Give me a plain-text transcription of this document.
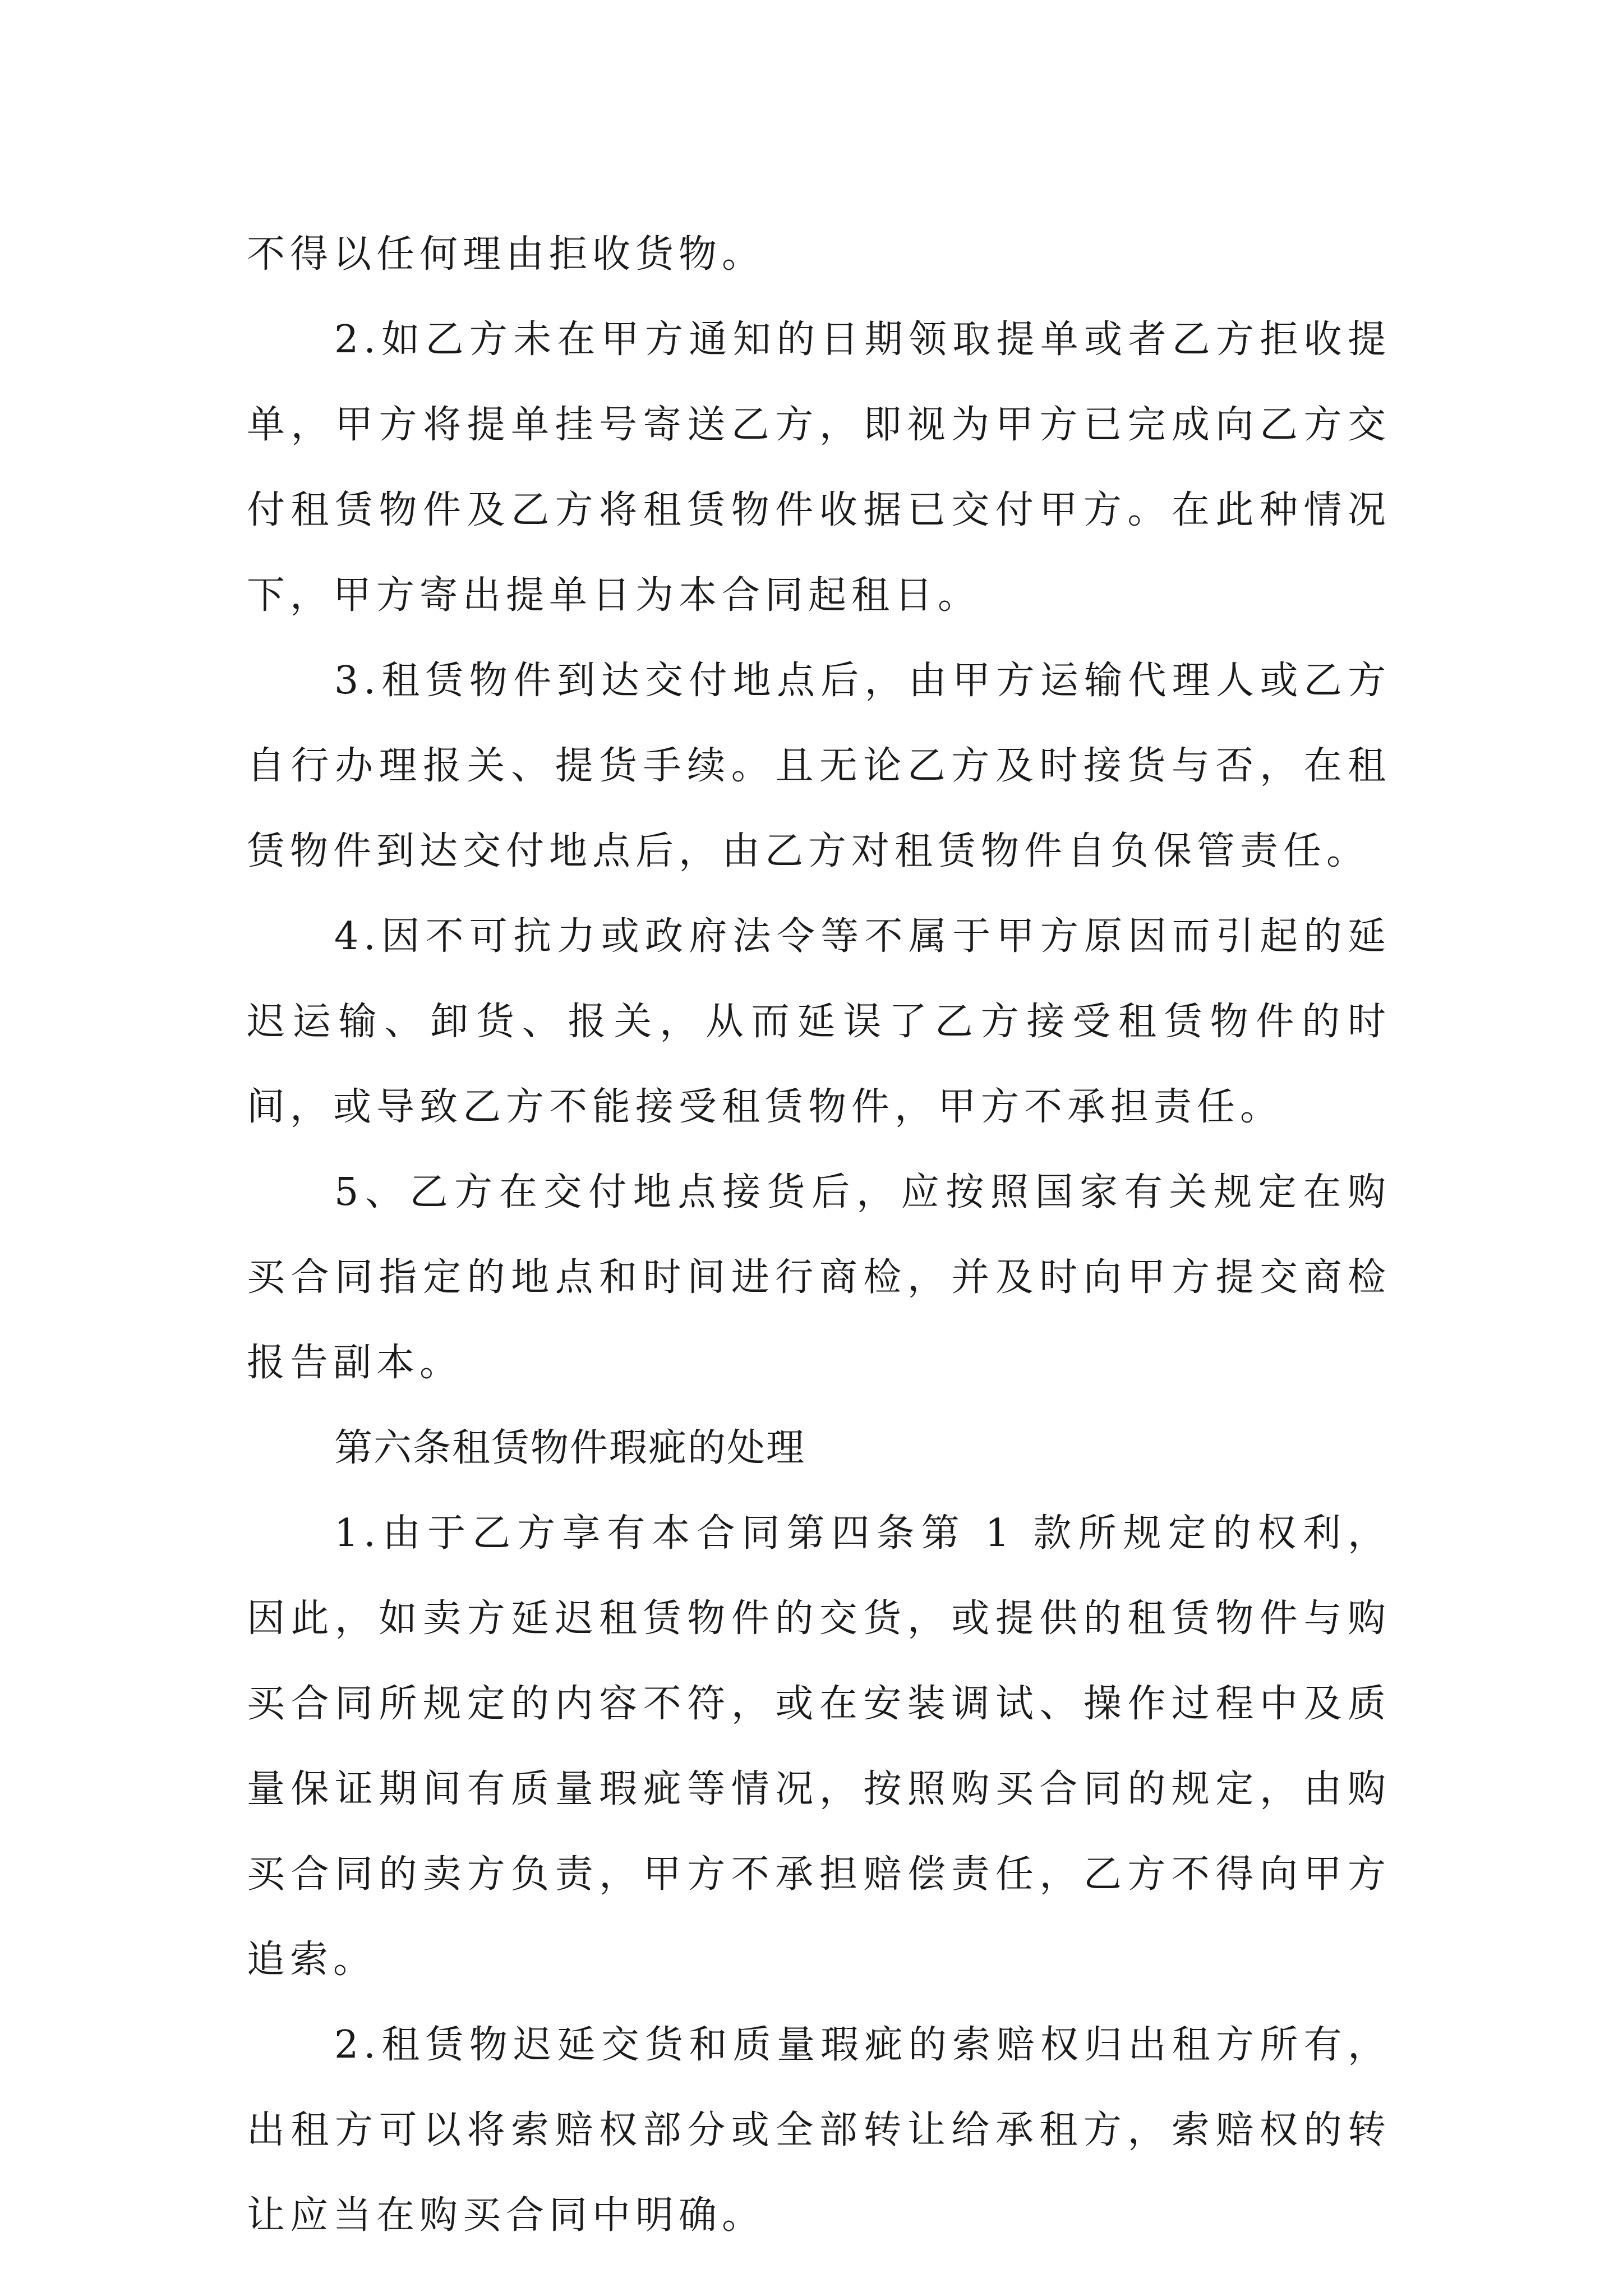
不得以任何理由拒收货物。

2.如乙方未在甲方通知的日期领取提单或者乙方拒收提单，甲方将提单挂号寄送乙方，即视为甲方已完成向乙方交付租赁物件及乙方将租赁物件收据已交付甲方。在此种情况下，甲方寄出提单日为本合同起租日。

3.租赁物件到达交付地点后，由甲方运输代理人或乙方自行办理报关、提货手续。且无论乙方及时接货与否，在租赁物件到达交付地点后，由乙方对租赁物件自负保管责任。

4.因不可抗力或政府法令等不属于甲方原因而引起的延迟运输、卸货、报关，从而延误了乙方接受租赁物件的时间，或导致乙方不能接受租赁物件，甲方不承担责任。

5、乙方在交付地点接货后，应按照国家有关规定在购买合同指定的地点和时间进行商检，并及时向甲方提交商检报告副本。

第六条租赁物件瑕疵的处理

1.由于乙方享有本合同第四条第 1 款所规定的权利，因此，如卖方延迟租赁物件的交货，或提供的租赁物件与购买合同所规定的内容不符，或在安装调试、操作过程中及质量保证期间有质量瑕疵等情况，按照购买合同的规定，由购买合同的卖方负责，甲方不承担赔偿责任，乙方不得向甲方追索。

2.租赁物迟延交货和质量瑕疵的索赔权归出租方所有，出租方可以将索赔权部分或全部转让给承租方，索赔权的转让应当在购买合同中明确。
